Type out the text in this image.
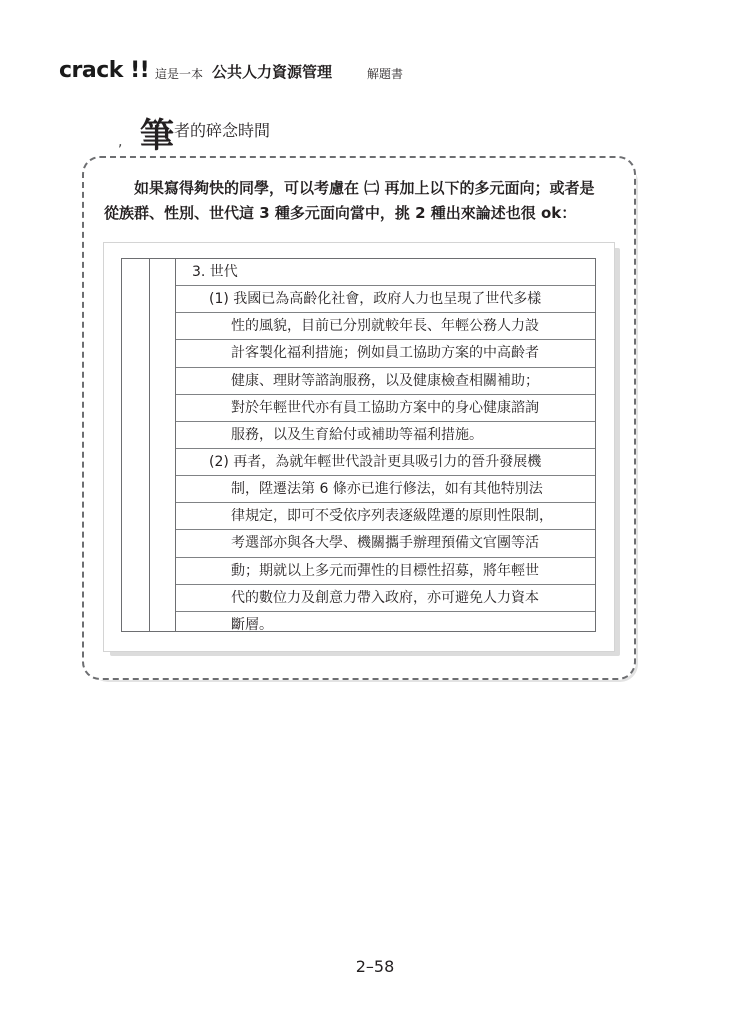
crack !! 這是一本 公共人力資源管理	解題書
筆者的碎念時間
,
如果寫得夠快的同學，可以考慮在 ㈡ 再加上以下的多元面向；或者是
從族群、性別、世代這 3 種多元面向當中，挑 2 種出來論述也很 ok：
3. 世代
(1) 我國已為高齡化社會，政府人力也呈現了世代多樣
性的風貌，目前已分別就較年長、年輕公務人力設
計客製化福利措施；例如員工協助方案的中高齡者
健康、理財等諮詢服務，以及健康檢查相關補助；
對於年輕世代亦有員工協助方案中的身心健康諮詢
服務，以及生育給付或補助等福利措施。
(2) 再者，為就年輕世代設計更具吸引力的晉升發展機
制，陞遷法第 6 條亦已進行修法，如有其他特別法
律規定，即可不受依序列表逐級陞遷的原則性限制，
考選部亦與各大學、機關攜手辦理預備文官團等活
動；期就以上多元而彈性的目標性招募，將年輕世
代的數位力及創意力帶入政府，亦可避免人力資本
斷層。
2–58
